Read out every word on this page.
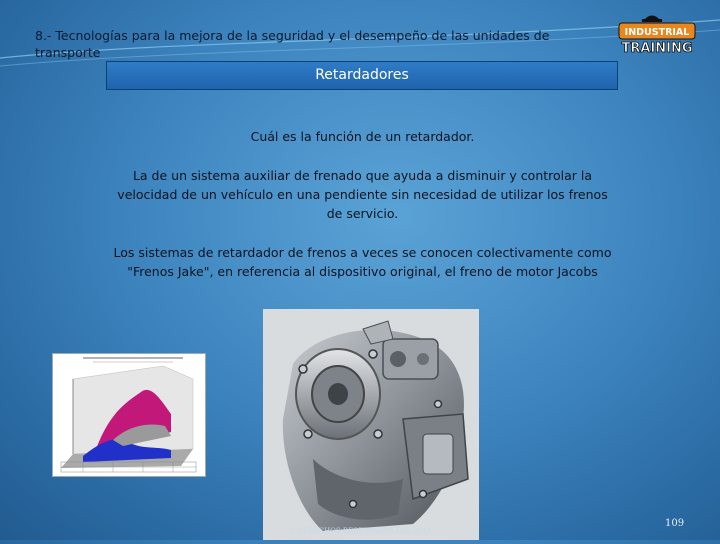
8.- Tecnologías para la mejora de la seguridad y el desempeño de las unidades de transporte
INDUSTRIAL
TRAINING
Retardadores
Cuál es la función de un retardador.
La de un sistema auxiliar de frenado que ayuda a disminuir y controlar la velocidad de un vehículo en una pendiente sin necesidad de utilizar los frenos de servicio.
Los sistemas de retardador de frenos a veces se conocen colectivamente como "Frenos Jake", en referencia al dispositivo original, el freno de motor Jacobs
C DERECHOS RESERVADOS QSo 2012
109
